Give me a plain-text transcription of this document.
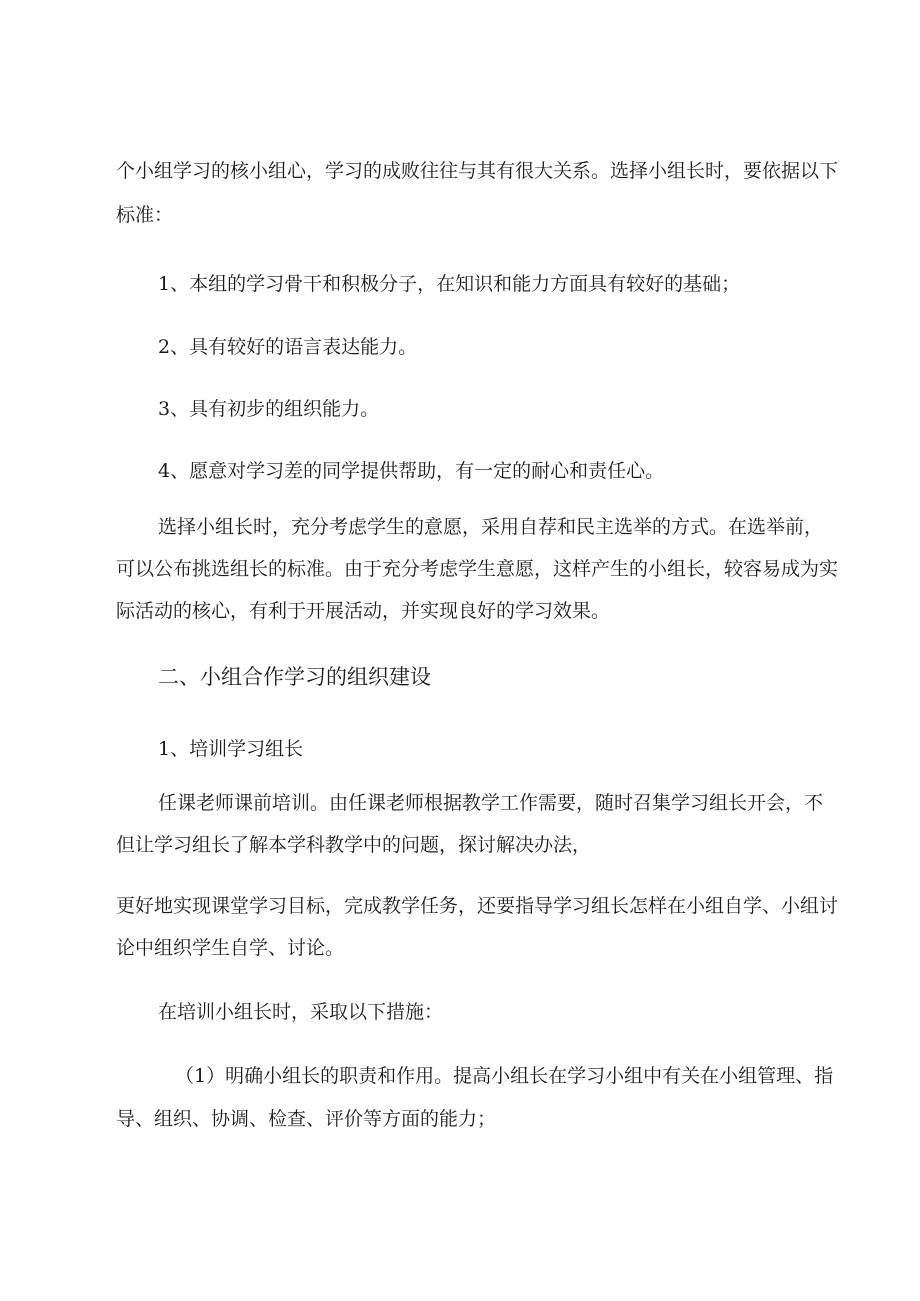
个小组学习的核小组心，学习的成败往往与其有很大关系。选择小组长时，要依据以下
标准：
1、本组的学习骨干和积极分子，在知识和能力方面具有较好的基础；
2、具有较好的语言表达能力。
3、具有初步的组织能力。
4、愿意对学习差的同学提供帮助，有一定的耐心和责任心。
选择小组长时，充分考虑学生的意愿，采用自荐和民主选举的方式。在选举前，
可以公布挑选组长的标准。由于充分考虑学生意愿，这样产生的小组长，较容易成为实
际活动的核心，有利于开展活动，并实现良好的学习效果。
二、小组合作学习的组织建设
1、培训学习组长
任课老师课前培训。由任课老师根据教学工作需要，随时召集学习组长开会，不
但让学习组长了解本学科教学中的问题，探讨解决办法，
更好地实现课堂学习目标，完成教学任务，还要指导学习组长怎样在小组自学、小组讨
论中组织学生自学、讨论。
在培训小组长时，采取以下措施：
（1）明确小组长的职责和作用。提高小组长在学习小组中有关在小组管理、指
导、组织、协调、检查、评价等方面的能力；
